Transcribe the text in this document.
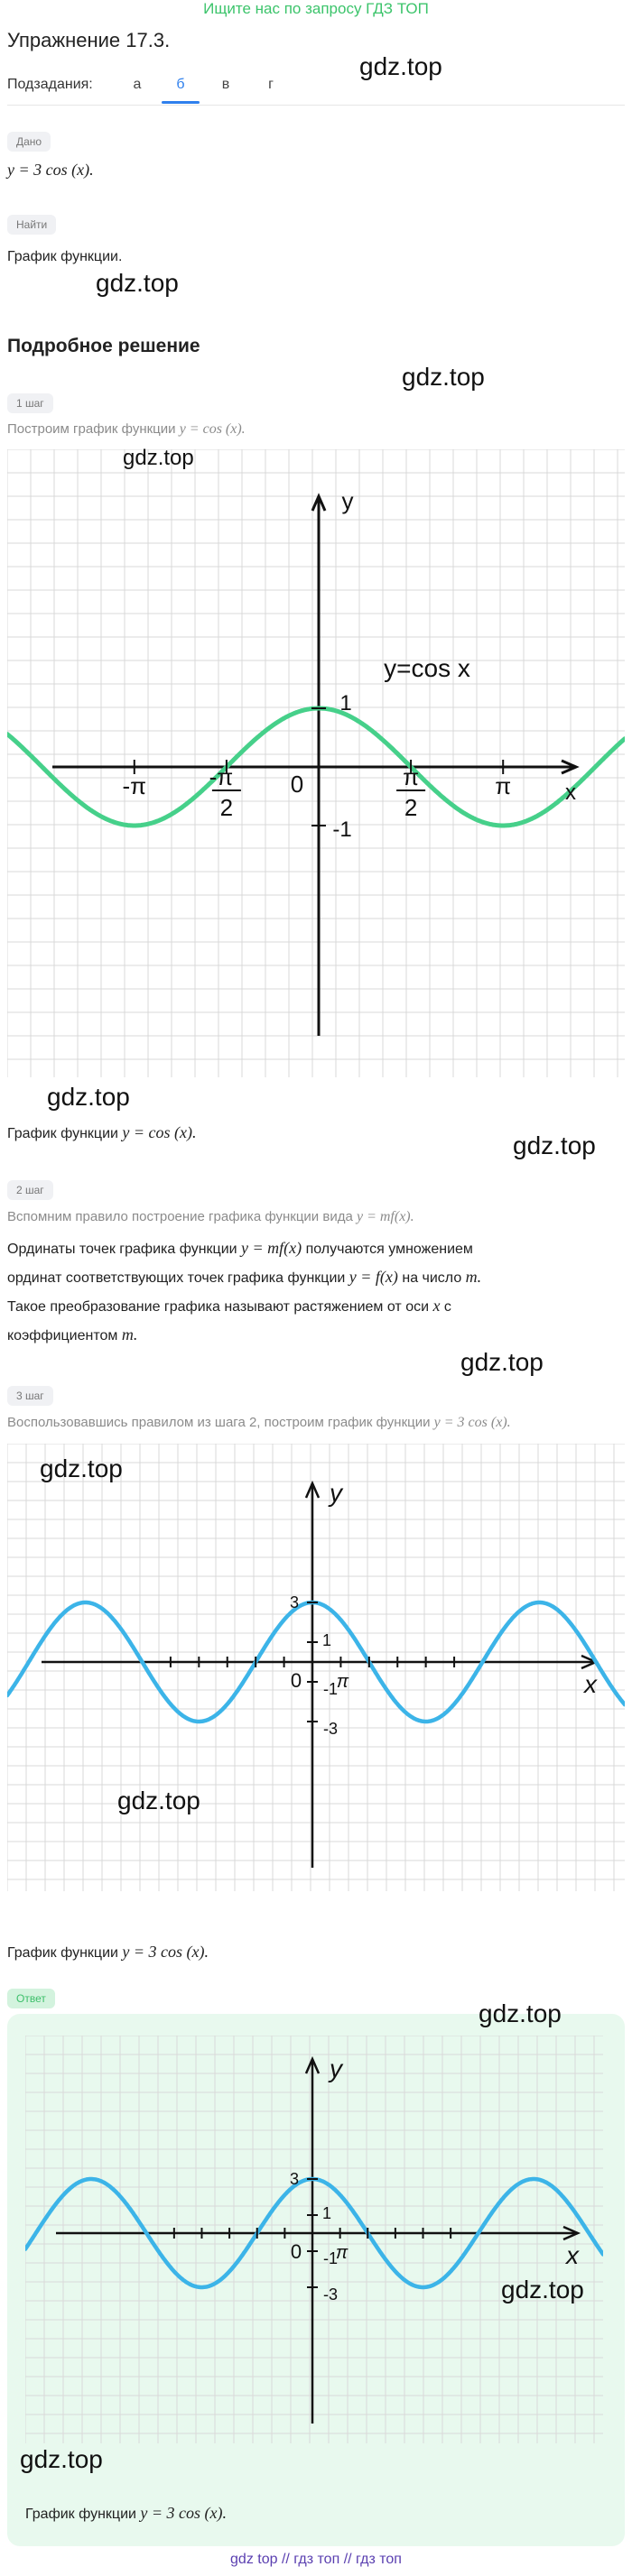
Ищите нас по запросу ГДЗ ТОП
Упражнение 17.3.
Подзадания:	а	б	в	г
gdz.top
Дано
y = 3 cos (x).
Найти
График функции.
gdz.top
Подробное решение
gdz.top
1 шаг
Построим график функции y = cos (x).
-π	-π
2
0	π
2
π
1
-1
x
y
y=cos x
gdz.top
gdz.top
График функции y = cos (x).	gdz.top
2 шаг
Вспомним правило построение графика функции вида y = mf(x).
Ординаты точек графика функции y = mf(x) получаются умножением
ординат соответствующих точек графика функции y = f(x) на число m.
Такое преобразование графика называют растяжением от оси x с
коэффициентом m.
gdz.top
3 шаг
Воспользовавшись правилом из шага 2, построим график функции y = 3 cos (x).
0 π
3
1
-1
-3
x
y
gdz.top
gdz.top
График функции y = 3 cos (x).
Ответ
0 π
3
1
-1
-3
x
y
gdz.top
gdz.top
gdz.top
График функции y = 3 cos (x).
gdz top // гдз топ // гдз топ
